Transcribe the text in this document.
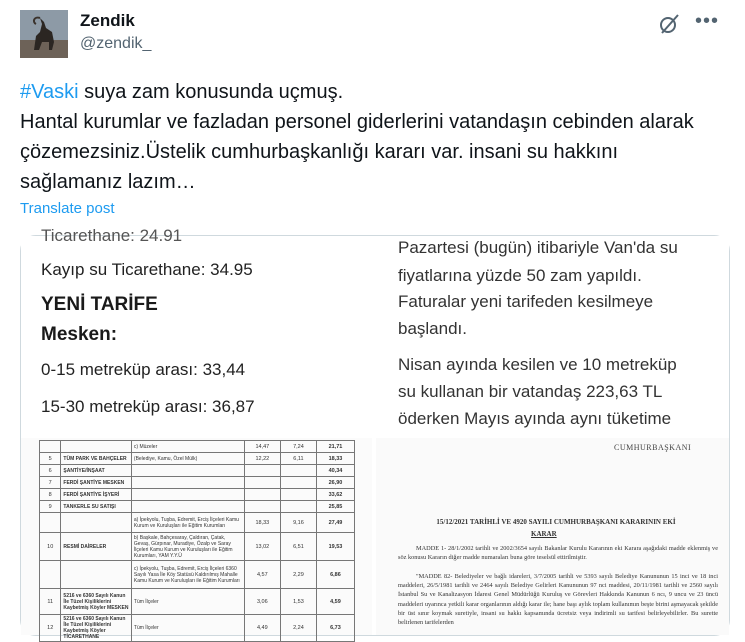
Zendik
@zendik_
•••
#Vaski suya zam konusunda uçmuş.
Hantal kurumlar ve fazladan personel giderlerini vatandaşın cebinden alarak çözemezsiniz.Üstelik cumhurbaşkanlığı kararı var. insani su hakkını sağlamanız lazım…
Translate post
Ticarethane: 24.91
Kayıp su Ticarethane: 34.95
YENİ TARİFE
Mesken:
0-15 metreküp arası: 33,44
15-30 metreküp arası: 36,87
Pazartesi (bugün) itibariyle Van'da su
fiyatlarına yüzde 50 zam yapıldı.
Faturalar yeni tarifeden kesilmeye
başlandı.
Nisan ayında kesilen ve 10 metreküp
su kullanan bir vatandaş 223,63 TL
öderken Mayıs ayında aynı tüketime
		c) Müzeler	14,47	7,24	21,71
5	TÜM PARK VE BAHÇELER	(Belediye, Kamu, Özel Mülk)	12,22	6,11	18,33
6	ŞANTİYE/İNŞAAT				40,34
7	FERDİ ŞANTİYE MESKEN				26,90
8	FERDİ ŞANTİYE İŞYERİ				33,62
9	TANKERLE SU SATIŞI				25,85
		a) İpekyolu, Tuşba, Edremit, Erciş İlçeleri Kamu Kurum ve Kuruluşları ile Eğitim Kurumları	18,33	9,16	27,49
10	RESMİ DAİRELER	b) Başkale, Bahçesaray, Çaldıran, Çatak, Gevaş, Gürpınar, Muradiye, Özalp ve Saray İlçeleri Kamu Kurum ve Kuruluşları ile Eğitim Kurumları, YAM Y.Y.Ü	13,02	6,51	19,53
		c) İpekyolu, Tuşba, Edremit, Erciş İlçeleri 6360 Sayılı Yasa İle Köy Statüsü Kaldırılmış Mahalle Kamu Kurum ve Kuruluşları ile Eğitim Kurumları	4,57	2,29	6,86
11	5216 ve 6360 Sayılı Kanun İle Tüzel Kişiliklerini Kaybetmiş Köyler MESKEN	Tüm İlçeler	3,06	1,53	4,59
12	5216 ve 6360 Sayılı Kanun İle Tüzel Kişiliklerini Kaybetmiş Köyler TİCARETHANE	Tüm İlçeler	4,49	2,24	6,73
CUMHURBAŞKANI
15/12/2021 TARİHLİ VE 4920 SAYILI CUMHURBAŞKANI KARARININ EKİ
KARAR
MADDE 1- 28/1/2002 tarihli ve 2002/3654 sayılı Bakanlar Kurulu Kararının eki Karara aşağıdaki madde eklenmiş ve söz konusu Kararın diğer madde numaraları buna göre teselsül ettirilmiştir.
"MADDE 82- Belediyeler ve bağlı idareleri, 3/7/2005 tarihli ve 5393 sayılı Belediye Kanununun 15 inci ve 18 inci maddeleri, 26/5/1981 tarihli ve 2464 sayılı Belediye Gelirleri Kanununun 97 nci maddesi, 20/11/1981 tarihli ve 2560 sayılı İstanbul Su ve Kanalizasyon İdaresi Genel Müdürlüğü Kuruluş ve Görevleri Hakkında Kanunun 6 ncı, 9 uncu ve 23 üncü maddeleri uyarınca yetkili karar organlarının aldığı karar ile; hane başı aylık toplam kullanımın beşte birini aşmayacak şekilde bir üst sınır koymak suretiyle, insani su hakkı kapsamında ücretsiz veya indirimli su tarifesi belirleyebilirler. Bu surette belirlenen tarifelerden
